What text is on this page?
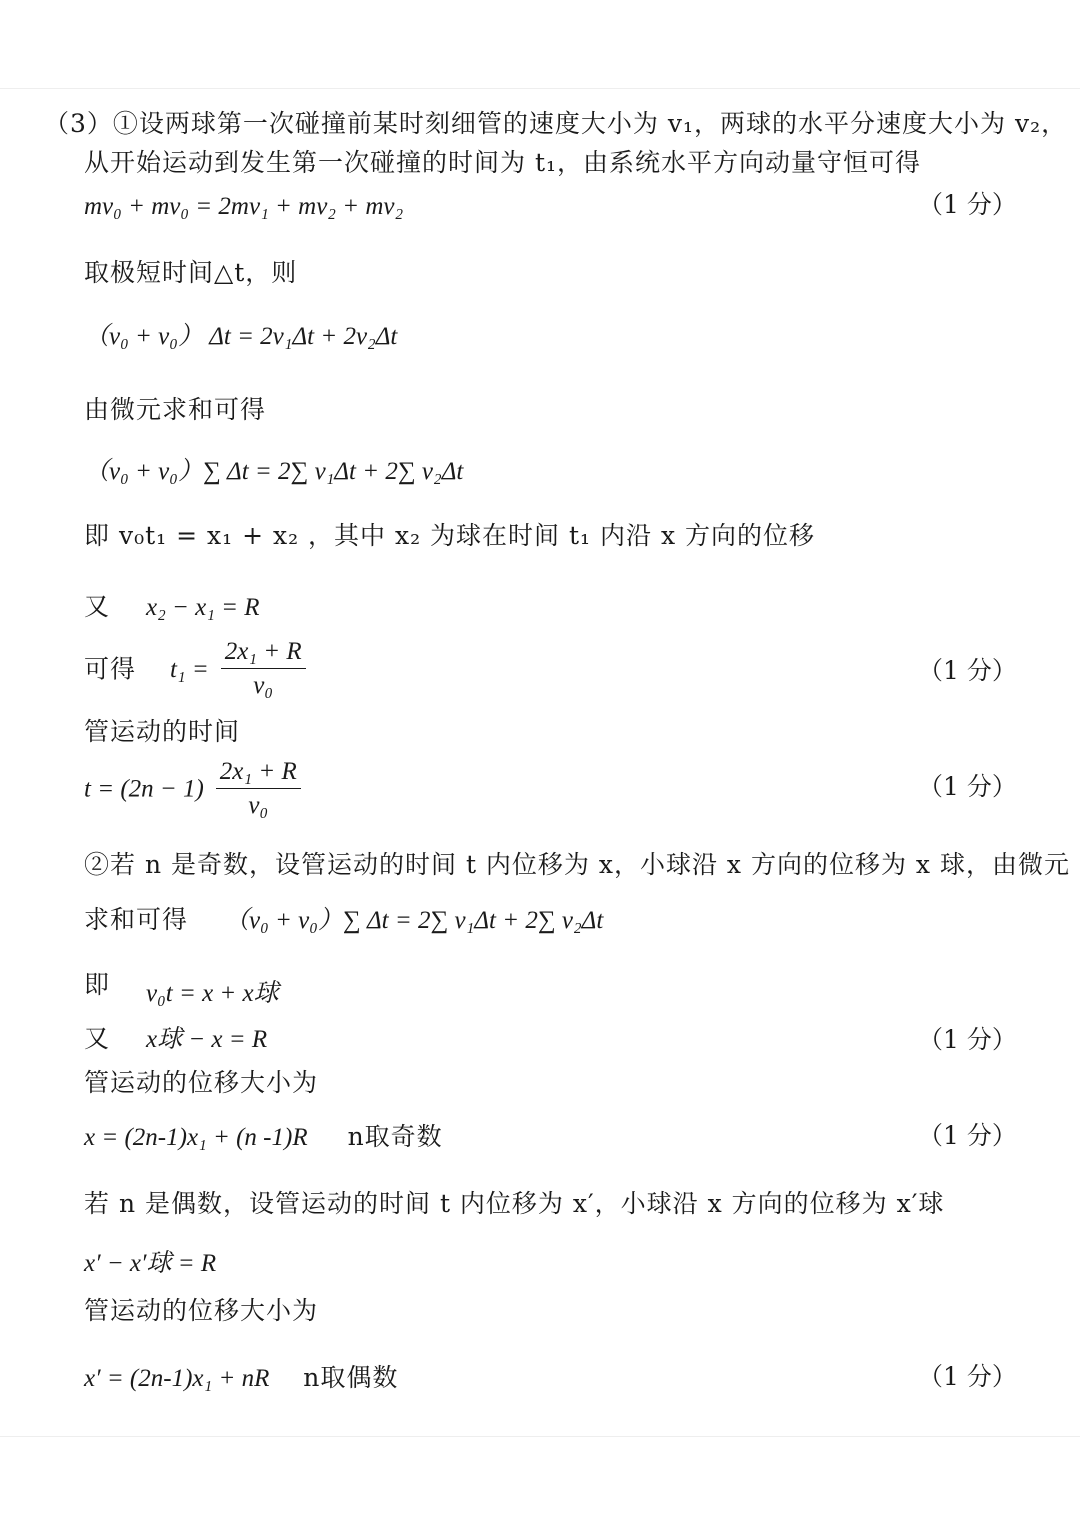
（3）①设两球第一次碰撞前某时刻细管的速度大小为 v₁，两球的水平分速度大小为 v₂，
从开始运动到发生第一次碰撞的时间为 t₁，由系统水平方向动量守恒可得
mv₀ + mv₀ = 2mv₁ + mv₂ + mv₂	（1 分）
取极短时间△t，则
（v₀ + v₀） Δt = 2v₁Δt + 2v₂Δt
由微元求和可得
（v₀ + v₀）∑ Δt = 2∑ v₁Δt + 2∑ v₂Δt
即 v₀t₁ = x₁ + x₂ ，其中 x₂ 为球在时间 t₁ 内沿 x 方向的位移
又 x₂ − x₁ = R
可得 $t_1 = \frac{\text{2x₁ + R}}{\text{v₀}}$	（1 分）
管运动的时间
$t = (2n - 1) \frac{\text{2x₁ + R}}{\text{v₀}}$	（1 分）
②若 n 是奇数，设管运动的时间 t 内位移为 x，小球沿 x 方向的位移为 x 球，由微元
求和可得 （v₀ + v₀）∑ Δt = 2∑ v₁Δt + 2∑ v₂Δt
即 v₀t = x + x球
又 x球 − x = R	（1 分）
管运动的位移大小为
x = (2n-1)x₁ + (n -1)R n取奇数	（1 分）
若 n 是偶数，设管运动的时间 t 内位移为 x′，小球沿 x 方向的位移为 x′球
x′ − x′球 = R
管运动的位移大小为
x′ = (2n-1)x₁ + nR n取偶数	（1 分）
